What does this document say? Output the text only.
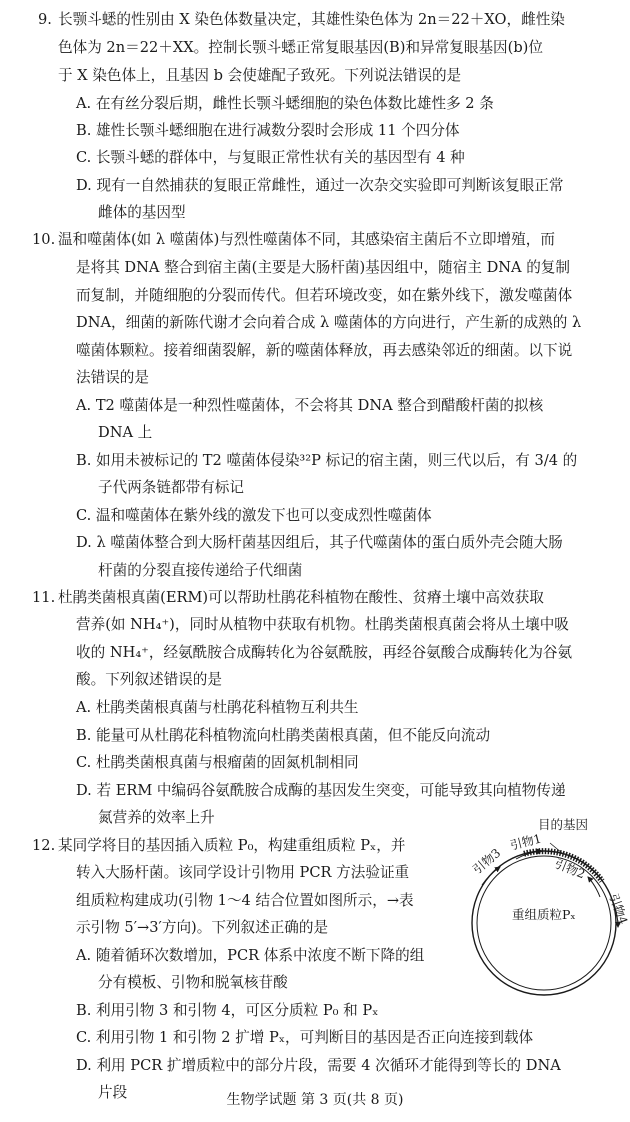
9. 长颚斗蟋的性别由 X 染色体数量决定，其雄性染色体为 2n＝22＋XO，雌性染
色体为 2n＝22＋XX。控制长颚斗蟋正常复眼基因(B)和异常复眼基因(b)位
于 X 染色体上，且基因 b 会使雄配子致死。下列说法错误的是
A. 在有丝分裂后期，雌性长颚斗蟋细胞的染色体数比雄性多 2 条
B. 雄性长颚斗蟋细胞在进行减数分裂时会形成 11 个四分体
C. 长颚斗蟋的群体中，与复眼正常性状有关的基因型有 4 种
D. 现有一自然捕获的复眼正常雌性，通过一次杂交实验即可判断该复眼正常
雌体的基因型
10. 温和噬菌体(如 λ 噬菌体)与烈性噬菌体不同，其感染宿主菌后不立即增殖，而
是将其 DNA 整合到宿主菌(主要是大肠杆菌)基因组中，随宿主 DNA 的复制
而复制，并随细胞的分裂而传代。但若环境改变，如在紫外线下，激发噬菌体
DNA，细菌的新陈代谢才会向着合成 λ 噬菌体的方向进行，产生新的成熟的 λ
噬菌体颗粒。接着细菌裂解，新的噬菌体释放，再去感染邻近的细菌。以下说
法错误的是
A. T2 噬菌体是一种烈性噬菌体，不会将其 DNA 整合到醋酸杆菌的拟核
DNA 上
B. 如用未被标记的 T2 噬菌体侵染³²P 标记的宿主菌，则三代以后，有 3/4 的
子代两条链都带有标记
C. 温和噬菌体在紫外线的激发下也可以变成烈性噬菌体
D. λ 噬菌体整合到大肠杆菌基因组后，其子代噬菌体的蛋白质外壳会随大肠
杆菌的分裂直接传递给子代细菌
11. 杜鹃类菌根真菌(ERM)可以帮助杜鹃花科植物在酸性、贫瘠土壤中高效获取
营养(如 NH₄⁺)，同时从植物中获取有机物。杜鹃类菌根真菌会将从土壤中吸
收的 NH₄⁺，经氨酰胺合成酶转化为谷氨酰胺，再经谷氨酸合成酶转化为谷氨
酸。下列叙述错误的是
A. 杜鹃类菌根真菌与杜鹃花科植物互利共生
B. 能量可从杜鹃花科植物流向杜鹃类菌根真菌，但不能反向流动
C. 杜鹃类菌根真菌与根瘤菌的固氮机制相同
D. 若 ERM 中编码谷氨酰胺合成酶的基因发生突变，可能导致其向植物传递
氮营养的效率上升
12. 某同学将目的基因插入质粒 P₀，构建重组质粒 Pₓ，并
转入大肠杆菌。该同学设计引物用 PCR 方法验证重
组质粒构建成功(引物 1～4 结合位置如图所示，→表
示引物 5′→3′方向)。下列叙述正确的是
A. 随着循环次数增加，PCR 体系中浓度不断下降的组
分有模板、引物和脱氧核苷酸
B. 利用引物 3 和引物 4，可区分质粒 P₀ 和 Pₓ
C. 利用引物 1 和引物 2 扩增 Pₓ，可判断目的基因是否正向连接到载体
D. 利用 PCR 扩增质粒中的部分片段，需要 4 次循环才能得到等长的 DNA
片段
目的基因
引物1
引物3	引物2
引物4
重组质粒Pₓ
生物学试题 第 3 页(共 8 页)
